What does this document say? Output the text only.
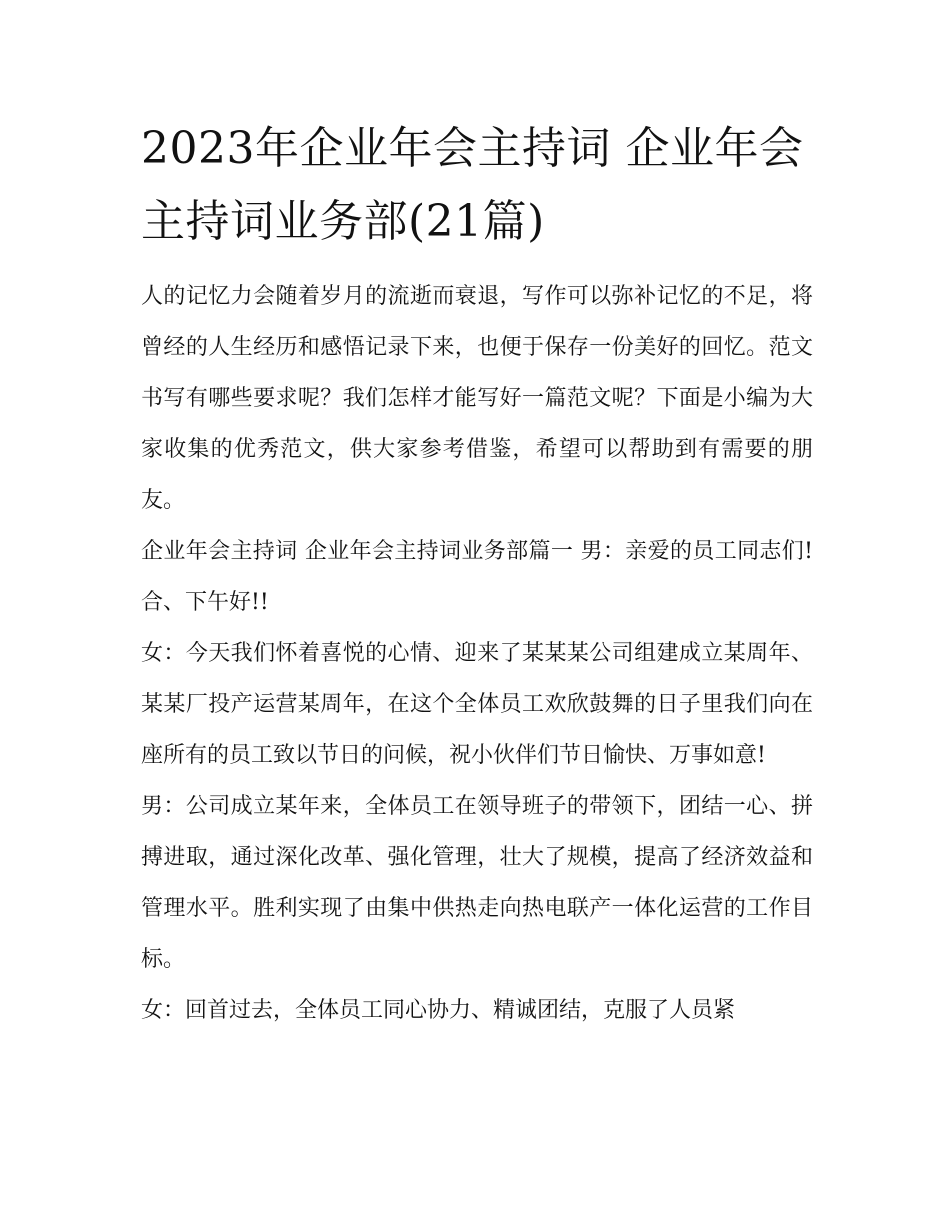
2023年企业年会主持词 企业年会主持词业务部(21篇)

人的记忆力会随着岁月的流逝而衰退，写作可以弥补记忆的不足，将曾经的人生经历和感悟记录下来，也便于保存一份美好的回忆。范文书写有哪些要求呢？我们怎样才能写好一篇范文呢？下面是小编为大家收集的优秀范文，供大家参考借鉴，希望可以帮助到有需要的朋友。

企业年会主持词 企业年会主持词业务部篇一 男：亲爱的员工同志们! 合、下午好!!

女：今天我们怀着喜悦的心情、迎来了某某某公司组建成立某周年、某某厂投产运营某周年，在这个全体员工欢欣鼓舞的日子里我们向在座所有的员工致以节日的问候，祝小伙伴们节日愉快、万事如意!

男：公司成立某年来，全体员工在领导班子的带领下，团结一心、拼搏进取，通过深化改革、强化管理，壮大了规模，提高了经济效益和管理水平。胜利实现了由集中供热走向热电联产一体化运营的工作目标。

女：回首过去，全体员工同心协力、精诚团结，克服了人员紧
